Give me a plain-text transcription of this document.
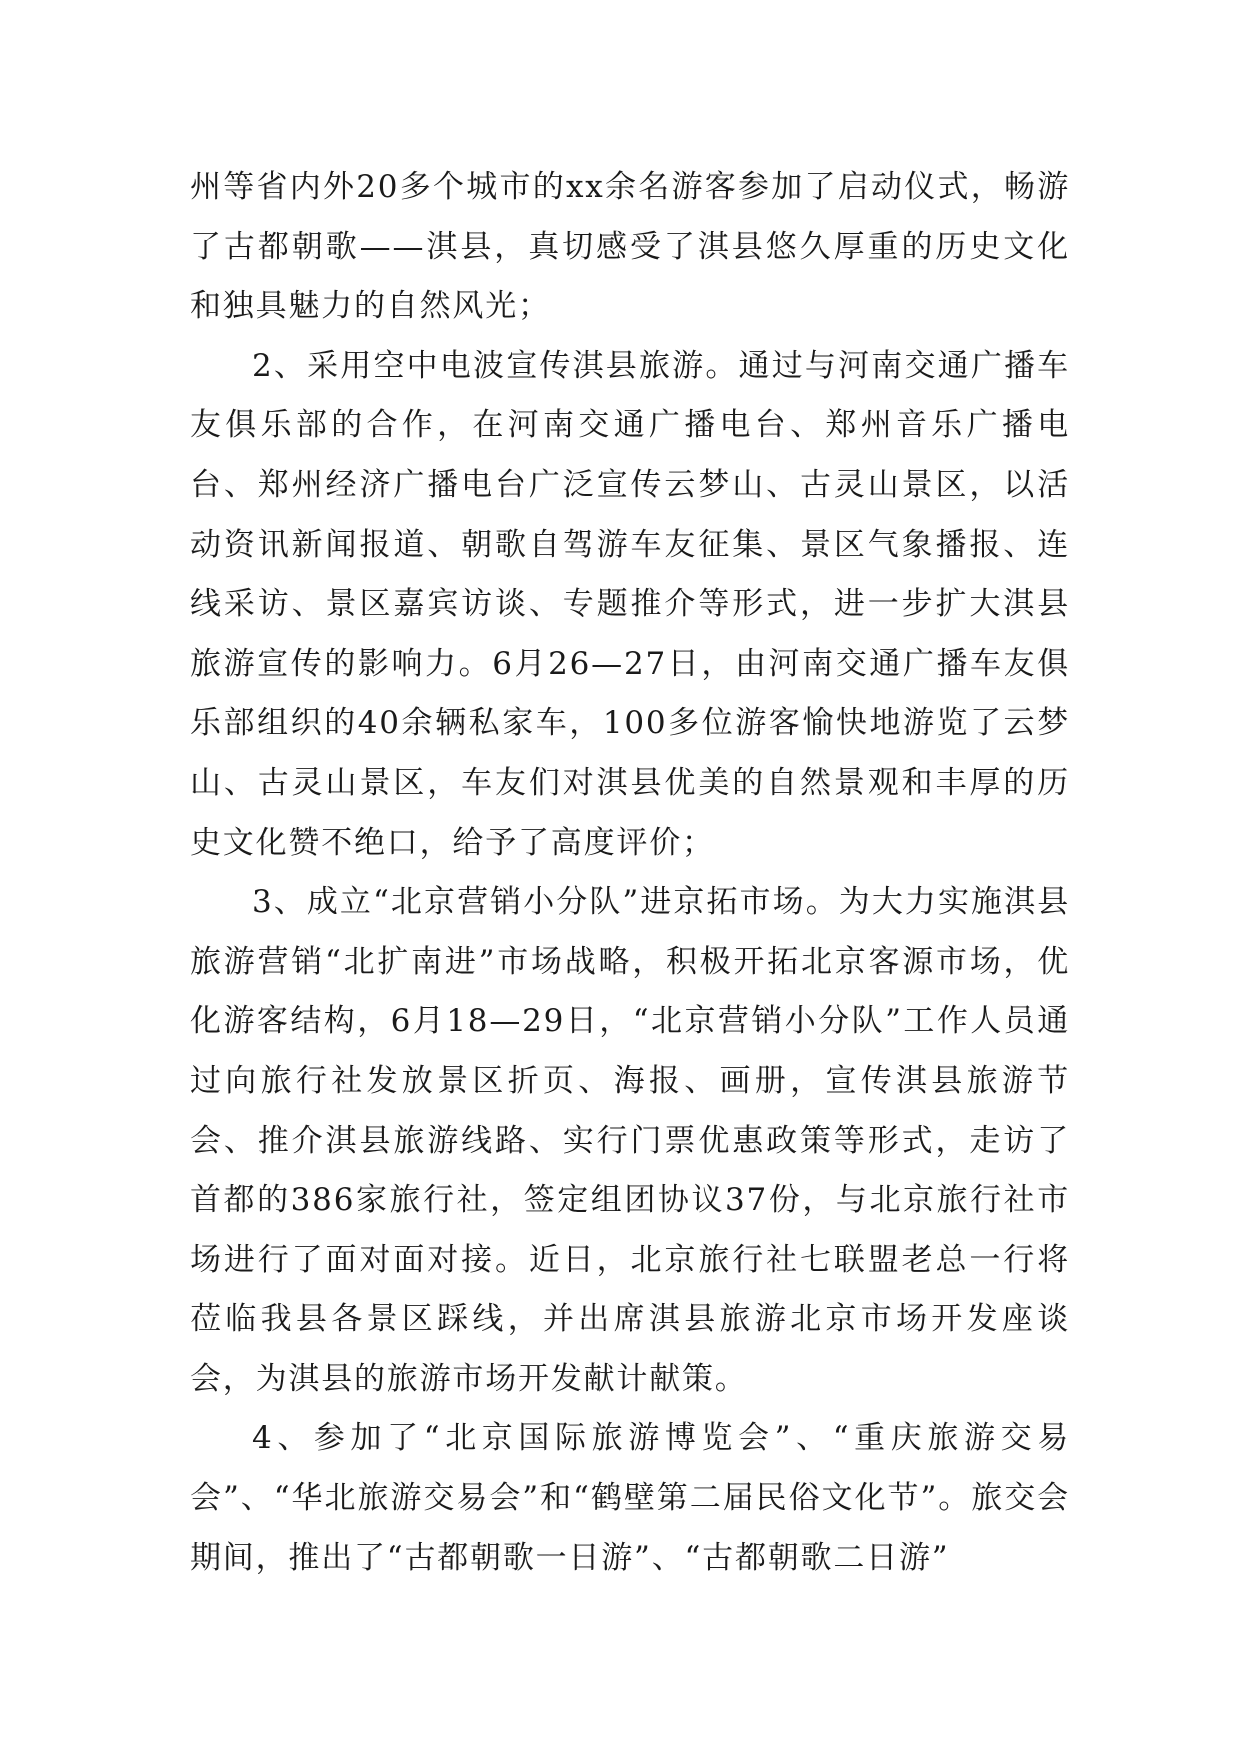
州等省内外20多个城市的xx余名游客参加了启动仪式，畅游了古都朝歌——淇县，真切感受了淇县悠久厚重的历史文化和独具魅力的自然风光；

2、采用空中电波宣传淇县旅游。通过与河南交通广播车友俱乐部的合作，在河南交通广播电台、郑州音乐广播电台、郑州经济广播电台广泛宣传云梦山、古灵山景区，以活动资讯新闻报道、朝歌自驾游车友征集、景区气象播报、连线采访、景区嘉宾访谈、专题推介等形式，进一步扩大淇县旅游宣传的影响力。6月26—27日，由河南交通广播车友俱乐部组织的40余辆私家车，100多位游客愉快地游览了云梦山、古灵山景区，车友们对淇县优美的自然景观和丰厚的历史文化赞不绝口，给予了高度评价；

3、成立“北京营销小分队”进京拓市场。为大力实施淇县旅游营销“北扩南进”市场战略，积极开拓北京客源市场，优化游客结构，6月18—29日，“北京营销小分队”工作人员通过向旅行社发放景区折页、海报、画册，宣传淇县旅游节会、推介淇县旅游线路、实行门票优惠政策等形式，走访了首都的386家旅行社，签定组团协议37份，与北京旅行社市场进行了面对面对接。近日，北京旅行社七联盟老总一行将莅临我县各景区踩线，并出席淇县旅游北京市场开发座谈会，为淇县的旅游市场开发献计献策。

4、参加了“北京国际旅游博览会”、“重庆旅游交易会”、“华北旅游交易会”和“鹤壁第二届民俗文化节”。旅交会期间，推出了“古都朝歌一日游”、“古都朝歌二日游”
